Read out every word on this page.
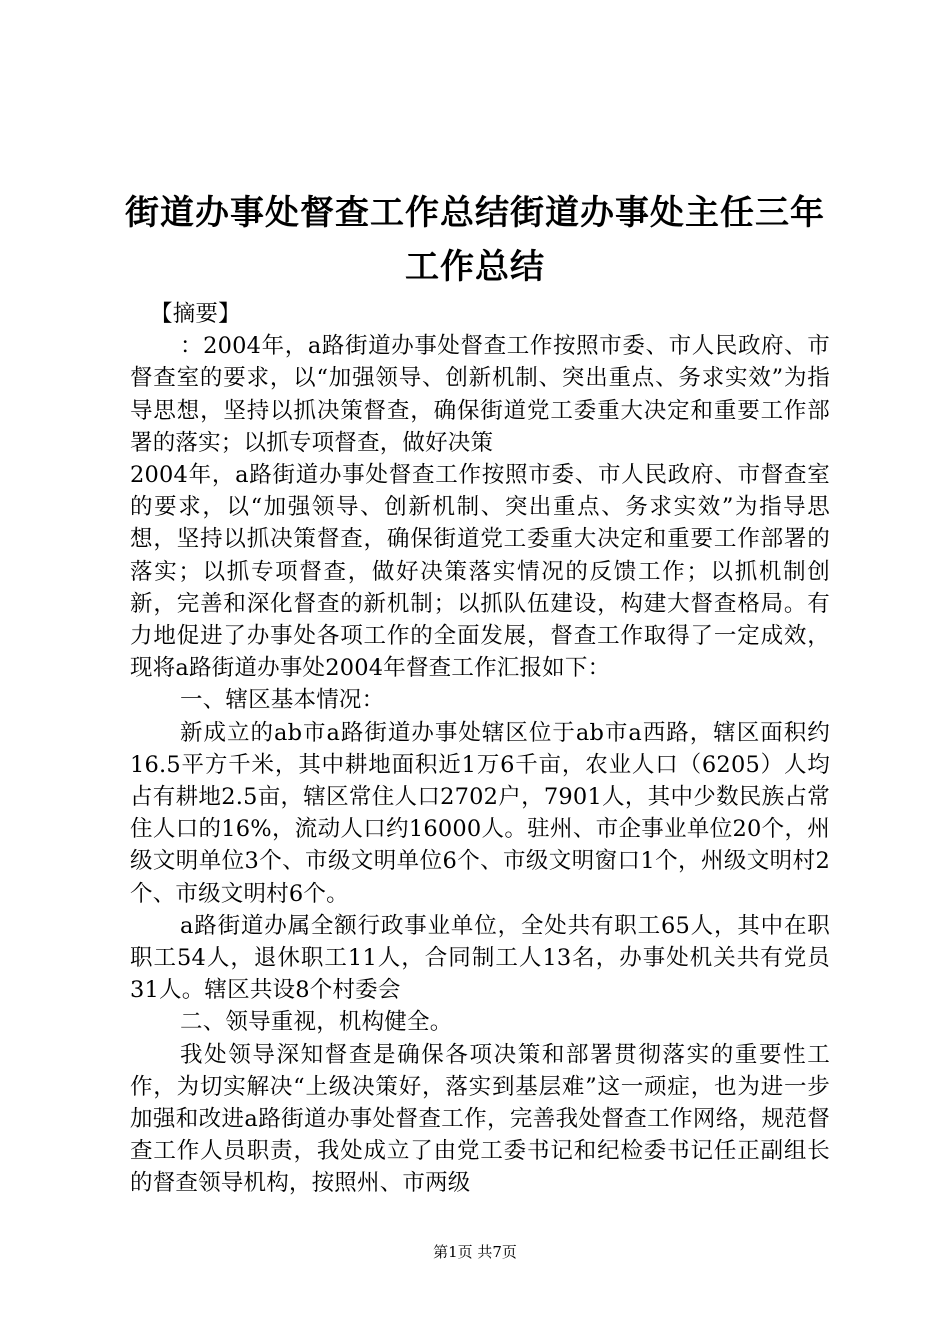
街道办事处督查工作总结街道办事处主任三年
工作总结

【摘要】

：2004年，a路街道办事处督查工作按照市委、市人民政府、市督查室的要求，以“加强领导、创新机制、突出重点、务求实效”为指导思想，坚持以抓决策督查，确保街道党工委重大决定和重要工作部署的落实；以抓专项督查，做好决策

2004年，a路街道办事处督查工作按照市委、市人民政府、市督查室的要求，以“加强领导、创新机制、突出重点、务求实效”为指导思想，坚持以抓决策督查，确保街道党工委重大决定和重要工作部署的落实；以抓专项督查，做好决策落实情况的反馈工作；以抓机制创新，完善和深化督查的新机制；以抓队伍建设，构建大督查格局。有力地促进了办事处各项工作的全面发展，督查工作取得了一定成效，现将a路街道办事处2004年督查工作汇报如下：

一、辖区基本情况：

新成立的ab市a路街道办事处辖区位于ab市a西路，辖区面积约16.5平方千米，其中耕地面积近1万6千亩，农业人口（6205）人均占有耕地2.5亩，辖区常住人口2702户，7901人，其中少数民族占常住人口的16%，流动人口约16000人。驻州、市企事业单位20个，州级文明单位3个、市级文明单位6个、市级文明窗口1个，州级文明村2个、市级文明村6个。

a路街道办属全额行政事业单位，全处共有职工65人，其中在职职工54人，退休职工11人，合同制工人13名，办事处机关共有党员31人。辖区共设8个村委会

二、领导重视，机构健全。

我处领导深知督查是确保各项决策和部署贯彻落实的重要性工作，为切实解决“上级决策好，落实到基层难”这一顽症，也为进一步加强和改进a路街道办事处督查工作，完善我处督查工作网络，规范督查工作人员职责，我处成立了由党工委书记和纪检委书记任正副组长的督查领导机构，按照州、市两级

第1页 共7页
